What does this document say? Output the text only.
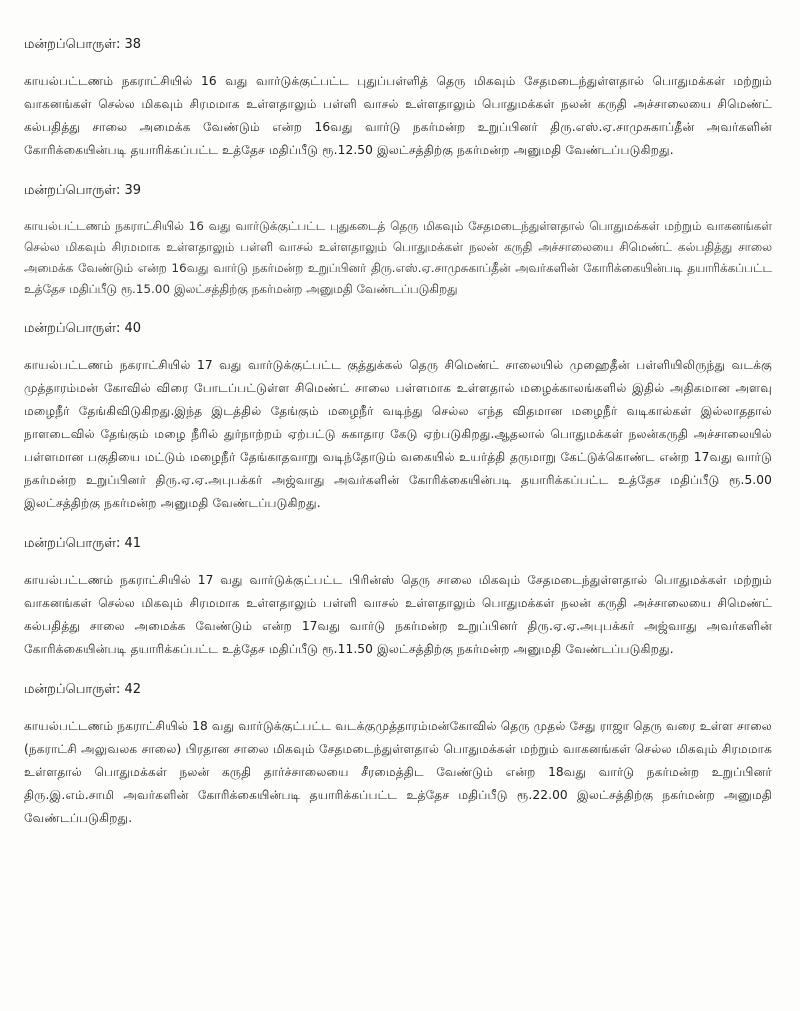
மன்றப்பொருள்: 38

காயல்பட்டணம் நகராட்சியில் 16 வது வார்டுக்குட்பட்ட புதுப்பள்ளித் தெரு மிகவும் சேதமடைந்துள்ளதால் பொதுமக்கள் மற்றும் வாகனங்கள் செல்ல மிகவும் சிரமமாக உள்ளதாலும் பள்ளி வாசல் உள்ளதாலும் பொதுமக்கள் நலன் கருதி அச்சாலையை சிமெண்ட் கல்பதித்து சாலை அமைக்க வேண்டும் என்ற 16வது வார்டு நகர்மன்ற உறுப்பினர் திரு.எஸ்.ஏ.சாமுசுகாப்தீன் அவர்களின் கோரிக்கையின்படி தயாரிக்கப்பட்ட உத்தேச மதிப்பீடு ரூ.12.50 இலட்சத்திற்கு நகர்மன்ற அனுமதி வேண்டப்படுகிறது.

மன்றப்பொருள்: 39

காயல்பட்டணம் நகராட்சியில் 16 வது வார்டுக்குட்பட்ட புதுகடைத் தெரு மிகவும் சேதமடைந்துள்ளதால் பொதுமக்கள் மற்றும் வாகனங்கள் செல்ல மிகவும் சிரமமாக உள்ளதாலும் பள்ளி வாசல் உள்ளதாலும் பொதுமக்கள் நலன் கருதி அச்சாலையை சிமெண்ட் கல்பதித்து சாலை அமைக்க வேண்டும் என்ற 16வது வார்டு நகர்மன்ற உறுப்பினர் திரு.எஸ்.ஏ.சாமுசுகாப்தீன் அவர்களின் கோரிக்கையின்படி தயாரிக்கப்பட்ட உத்தேச மதிப்பீடு ரூ.15.00 இலட்சத்திற்கு நகர்மன்ற அனுமதி வேண்டப்படுகிறது

மன்றப்பொருள்: 40

காயல்பட்டணம் நகராட்சியில் 17 வது வார்டுக்குட்பட்ட குத்துக்கல் தெரு சிமெண்ட் சாலையில் முஹைதீன் பள்ளியிலிருந்து வடக்கு முத்தாரம்மன் கோவில் விரை போடப்பட்டுள்ள சிமெண்ட் சாலை பள்ளமாக உள்ளதால் மழைக்காலங்களில் இதில் அதிகமான அளவு மழைநீர் தேங்கிவிடுகிறது.இந்த இடத்தில் தேங்கும் மழைநீர் வடிந்து செல்ல எந்த விதமான மழைநீர் வடிகால்கள் இல்லாததால் நாளடைவில் தேங்கும் மழை நீரில் துர்நாற்றம் ஏற்பட்டு சுகாதார கேடு ஏற்படுகிறது.ஆதலால் பொதுமக்கள் நலன்கருதி அச்சாலையில் பள்ளமான பகுதியை மட்டும் மழைநீர் தேங்காதவாறு வடிந்தோடும் வகையில் உயர்த்தி தருமாறு கேட்டுக்கொண்ட என்ற 17வது வார்டு நகர்மன்ற உறுப்பினர் திரு.ஏ.ஏ.அபுபக்கர் அஜ்வாது அவர்களின் கோரிக்கையின்படி தயாரிக்கப்பட்ட உத்தேச மதிப்பீடு ரூ.5.00 இலட்சத்திற்கு நகர்மன்ற அனுமதி வேண்டப்படுகிறது.

மன்றப்பொருள்: 41

காயல்பட்டணம் நகராட்சியில் 17 வது வார்டுக்குட்பட்ட பிரின்ஸ் தெரு சாலை மிகவும் சேதமடைந்துள்ளதால் பொதுமக்கள் மற்றும் வாகனங்கள் செல்ல மிகவும் சிரமமாக உள்ளதாலும் பள்ளி வாசல் உள்ளதாலும் பொதுமக்கள் நலன் கருதி அச்சாலையை சிமெண்ட் கல்பதித்து சாலை அமைக்க வேண்டும் என்ற 17வது வார்டு நகர்மன்ற உறுப்பினர் திரு.ஏ.ஏ.அபுபக்கர் அஜ்வாது அவர்களின் கோரிக்கையின்படி தயாரிக்கப்பட்ட உத்தேச மதிப்பீடு ரூ.11.50 இலட்சத்திற்கு நகர்மன்ற அனுமதி வேண்டப்படுகிறது.

மன்றப்பொருள்: 42

காயல்பட்டணம் நகராட்சியில் 18 வது வார்டுக்குட்பட்ட வடக்குமுத்தாரம்மன்கோவில் தெரு முதல் சேது ராஜா தெரு வரை உள்ள சாலை (நகராட்சி அலுவலக சாலை) பிரதான சாலை மிகவும் சேதமடைந்துள்ளதால் பொதுமக்கள் மற்றும் வாகனங்கள் செல்ல மிகவும் சிரமமாக உள்ளதால் பொதுமக்கள் நலன் கருதி தார்ச்சாலையை சீரமைத்திட வேண்டும் என்ற 18வது வார்டு நகர்மன்ற உறுப்பினர் திரு.இ.எம்.சாமி அவர்களின் கோரிக்கையின்படி தயாரிக்கப்பட்ட உத்தேச மதிப்பீடு ரூ.22.00 இலட்சத்திற்கு நகர்மன்ற அனுமதி வேண்டப்படுகிறது.
